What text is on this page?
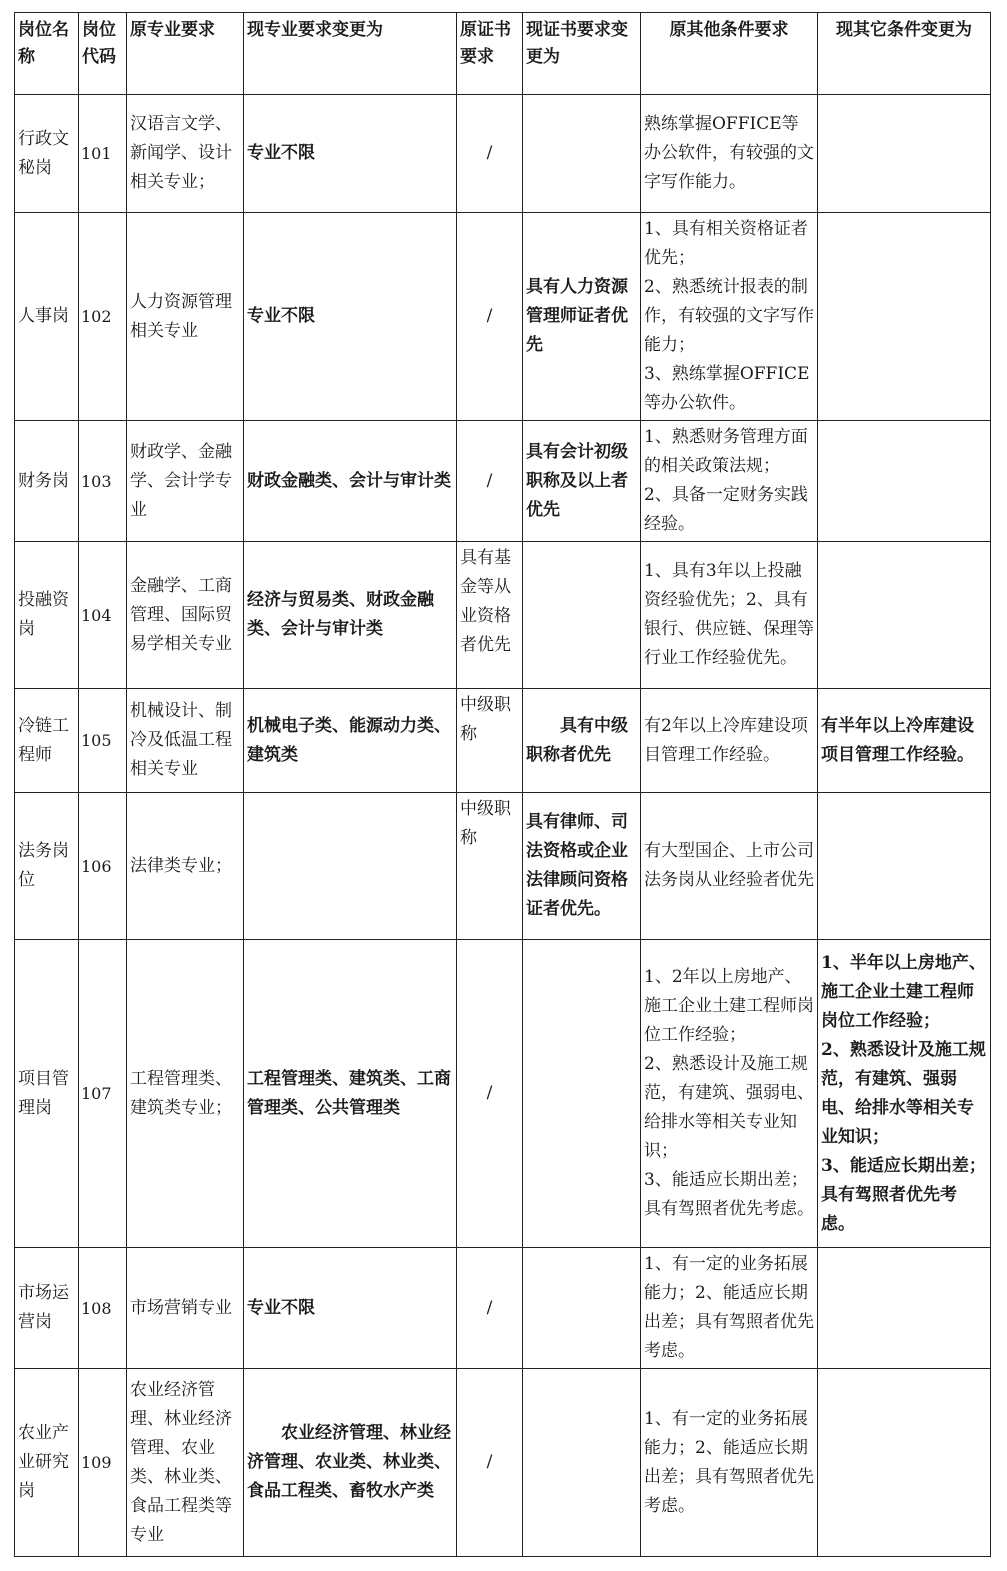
岗位名称	岗位代码	原专业要求	现专业要求变更为	原证书要求	现证书要求变更为	原其他条件要求	现其它条件变更为

行政文秘岗	101	汉语言文学、新闻学、设计相关专业；	专业不限	/		熟练掌握OFFICE等办公软件，有较强的文字写作能力。	

人事岗	102	人力资源管理相关专业	专业不限	/	具有人力资源管理师证者优先	1、具有相关资格证者优先；
2、熟悉统计报表的制作，有较强的文字写作能力；
3、熟练掌握OFFICE等办公软件。	

财务岗	103	财政学、金融学、会计学专业	财政金融类、会计与审计类	/	具有会计初级职称及以上者优先	1、熟悉财务管理方面的相关政策法规；
2、具备一定财务实践经验。	

投融资岗	104	金融学、工商管理、国际贸易学相关专业	经济与贸易类、财政金融类、会计与审计类	具有基金等从业资格者优先		1、具有3年以上投融资经验优先；2、具有银行、供应链、保理等行业工作经验优先。	

冷链工程师	105	机械设计、制冷及低温工程相关专业	机械电子类、能源动力类、建筑类	中级职称	　　具有中级职称者优先	有2年以上冷库建设项目管理工作经验。	有半年以上冷库建设项目管理工作经验。

法务岗位	106	法律类专业；		中级职称	具有律师、司法资格或企业法律顾问资格证者优先。	有大型国企、上市公司法务岗从业经验者优先	

项目管理岗	107	工程管理类、建筑类专业；	工程管理类、建筑类、工商管理类、公共管理类	/		1、2年以上房地产、施工企业土建工程师岗位工作经验；
2、熟悉设计及施工规范，有建筑、强弱电、给排水等相关专业知识；
3、能适应长期出差；具有驾照者优先考虑。	1、半年以上房地产、施工企业土建工程师岗位工作经验；
2、熟悉设计及施工规范，有建筑、强弱电、给排水等相关专业知识；
3、能适应长期出差；具有驾照者优先考虑。

市场运营岗	108	市场营销专业	专业不限	/		1、有一定的业务拓展能力；2、能适应长期出差；具有驾照者优先考虑。	

农业产业研究岗	109	农业经济管理、林业经济管理、农业类、林业类、食品工程类等专业	　　农业经济管理、林业经济管理、农业类、林业类、食品工程类、畜牧水产类	/		1、有一定的业务拓展能力；2、能适应长期出差；具有驾照者优先考虑。	
